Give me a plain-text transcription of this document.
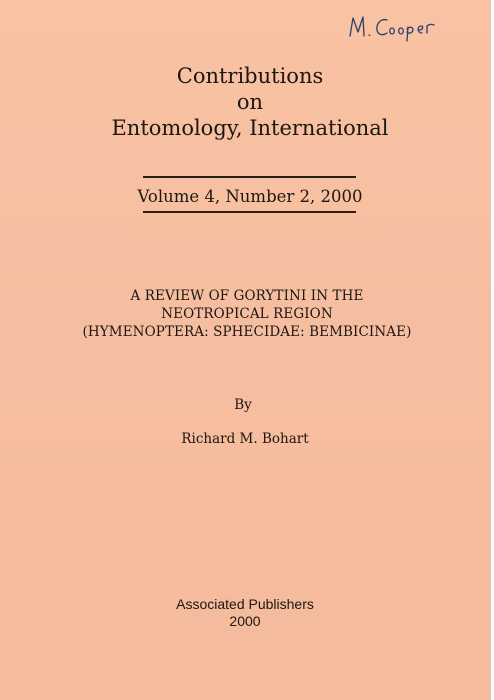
Contributions
on
Entomology, International
Volume 4, Number 2, 2000
A REVIEW OF GORYTINI IN THE
NEOTROPICAL REGION
(HYMENOPTERA: SPHECIDAE: BEMBICINAE)
By
Richard M. Bohart
Associated Publishers
2000
